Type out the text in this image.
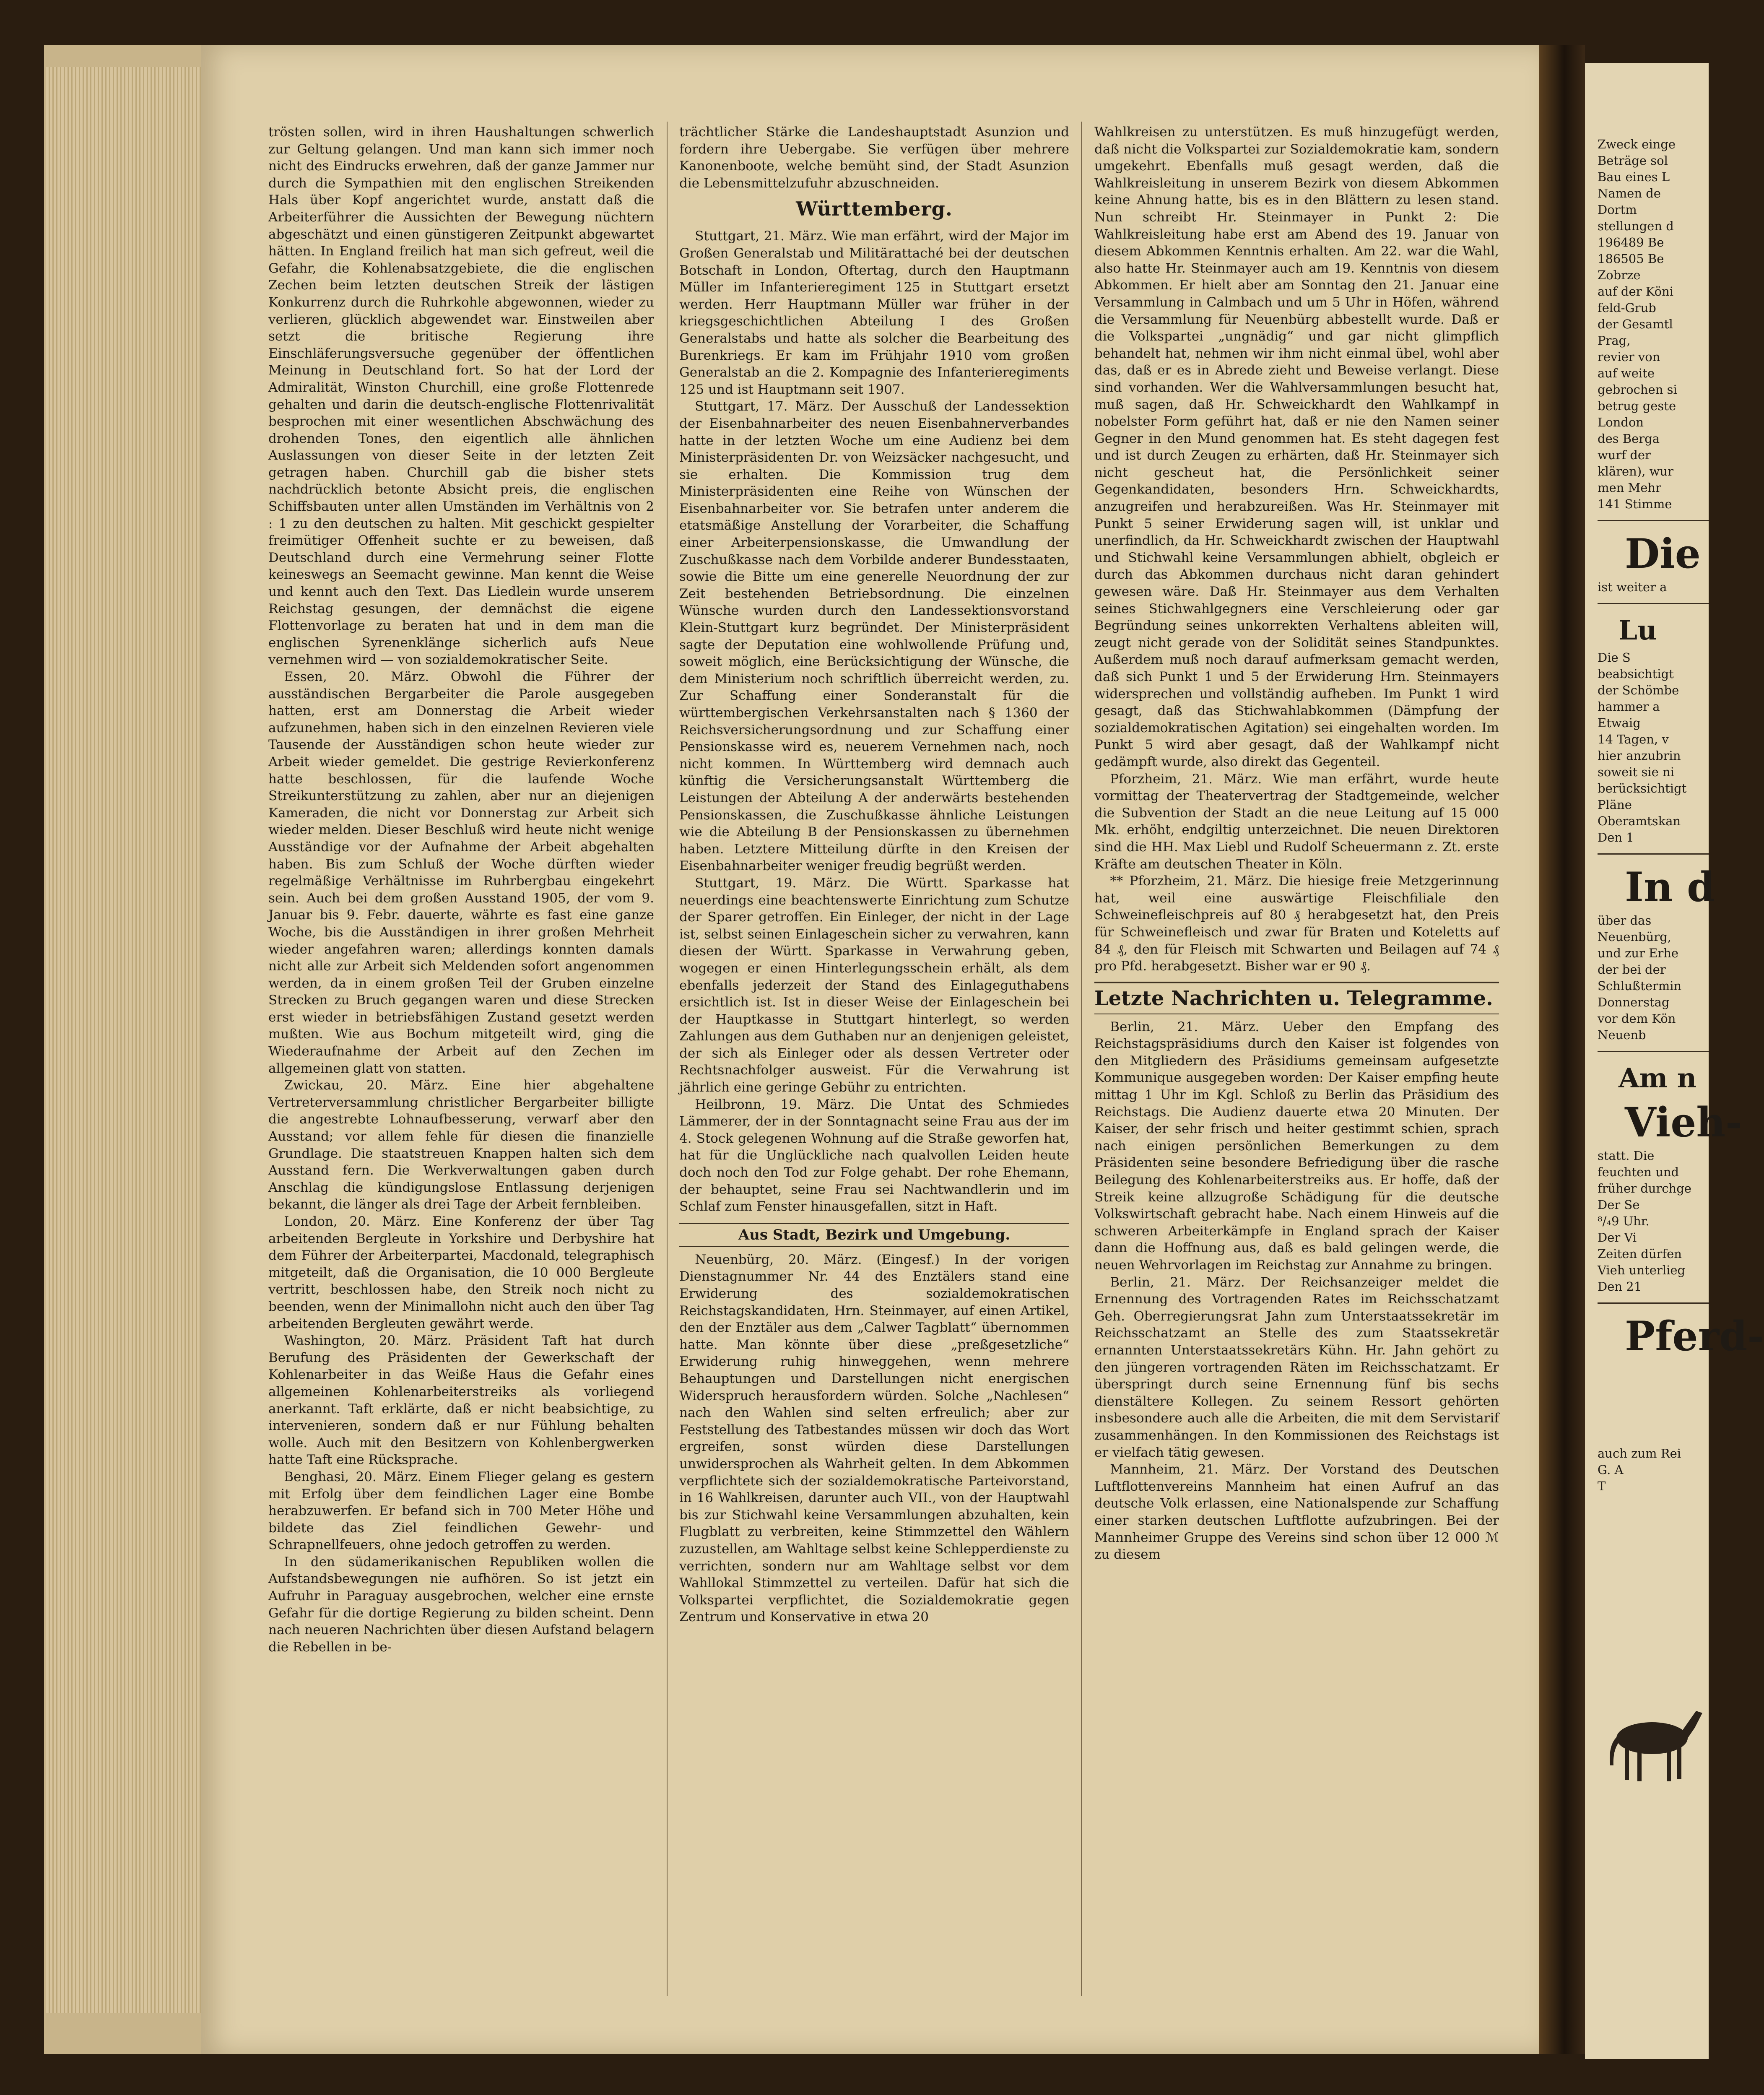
trösten sollen, wird in ihren Haushaltungen schwerlich zur Geltung gelangen. Und man kann sich immer noch nicht des Eindrucks erwehren, daß der ganze Jammer nur durch die Sympathien mit den englischen Streikenden Hals über Kopf angerichtet wurde, anstatt daß die Arbeiterführer die Aussichten der Bewegung nüchtern abgeschätzt und einen günstigeren Zeitpunkt abgewartet hätten. In England freilich hat man sich gefreut, weil die Gefahr, die Kohlenabsatzgebiete, die die englischen Zechen beim letzten deutschen Streik der lästigen Konkurrenz durch die Ruhrkohle abgewonnen, wieder zu verlieren, glücklich abgewendet war. Einstweilen aber setzt die britische Regierung ihre Einschläferungsversuche gegenüber der öffentlichen Meinung in Deutschland fort. So hat der Lord der Admiralität, Winston Churchill, eine große Flottenrede gehalten und darin die deutsch-englische Flottenrivalität besprochen mit einer wesentlichen Abschwächung des drohenden Tones, den eigentlich alle ähnlichen Auslassungen von dieser Seite in der letzten Zeit getragen haben. Churchill gab die bisher stets nachdrücklich betonte Absicht preis, die englischen Schiffsbauten unter allen Umständen im Verhältnis von 2 : 1 zu den deutschen zu halten. Mit geschickt gespielter freimütiger Offenheit suchte er zu beweisen, daß Deutschland durch eine Vermehrung seiner Flotte keineswegs an Seemacht gewinne. Man kennt die Weise und kennt auch den Text. Das Liedlein wurde unserem Reichstag gesungen, der demnächst die eigene Flottenvorlage zu beraten hat und in dem man die englischen Syrenenklänge sicherlich aufs Neue vernehmen wird — von sozialdemokratischer Seite.

Essen, 20. März. Obwohl die Führer der ausständischen Bergarbeiter die Parole ausgegeben hatten, erst am Donnerstag die Arbeit wieder aufzunehmen, haben sich in den einzelnen Revieren viele Tausende der Ausständigen schon heute wieder zur Arbeit wieder gemeldet. Die gestrige Revierkonferenz hatte beschlossen, für die laufende Woche Streikunterstützung zu zahlen, aber nur an diejenigen Kameraden, die nicht vor Donnerstag zur Arbeit sich wieder melden. Dieser Beschluß wird heute nicht wenige Ausständige vor der Aufnahme der Arbeit abgehalten haben. Bis zum Schluß der Woche dürften wieder regelmäßige Verhältnisse im Ruhrbergbau eingekehrt sein. Auch bei dem großen Ausstand 1905, der vom 9. Januar bis 9. Febr. dauerte, währte es fast eine ganze Woche, bis die Ausständigen in ihrer großen Mehrheit wieder angefahren waren; allerdings konnten damals nicht alle zur Arbeit sich Meldenden sofort angenommen werden, da in einem großen Teil der Gruben einzelne Strecken zu Bruch gegangen waren und diese Strecken erst wieder in betriebsfähigen Zustand gesetzt werden mußten. Wie aus Bochum mitgeteilt wird, ging die Wiederaufnahme der Arbeit auf den Zechen im allgemeinen glatt von statten.

Zwickau, 20. März. Eine hier abgehaltene Vertreterversammlung christlicher Bergarbeiter billigte die angestrebte Lohnaufbesserung, verwarf aber den Ausstand; vor allem fehle für diesen die finanzielle Grundlage. Die staatstreuen Knappen halten sich dem Ausstand fern. Die Werkverwaltungen gaben durch Anschlag die kündigungslose Entlassung derjenigen bekannt, die länger als drei Tage der Arbeit fernbleiben.

London, 20. März. Eine Konferenz der über Tag arbeitenden Bergleute in Yorkshire und Derbyshire hat dem Führer der Arbeiterpartei, Macdonald, telegraphisch mitgeteilt, daß die Organisation, die 10 000 Bergleute vertritt, beschlossen habe, den Streik noch nicht zu beenden, wenn der Minimallohn nicht auch den über Tag arbeitenden Bergleuten gewährt werde.

Washington, 20. März. Präsident Taft hat durch Berufung des Präsidenten der Gewerkschaft der Kohlenarbeiter in das Weiße Haus die Gefahr eines allgemeinen Kohlenarbeiterstreiks als vorliegend anerkannt. Taft erklärte, daß er nicht beabsichtige, zu intervenieren, sondern daß er nur Fühlung behalten wolle. Auch mit den Besitzern von Kohlenbergwerken hatte Taft eine Rücksprache.

Benghasi, 20. März. Einem Flieger gelang es gestern mit Erfolg über dem feindlichen Lager eine Bombe herabzuwerfen. Er befand sich in 700 Meter Höhe und bildete das Ziel feindlichen Gewehr- und Schrapnellfeuers, ohne jedoch getroffen zu werden.

In den südamerikanischen Republiken wollen die Aufstandsbewegungen nie aufhören. So ist jetzt ein Aufruhr in Paraguay ausgebrochen, welcher eine ernste Gefahr für die dortige Regierung zu bilden scheint. Denn nach neueren Nachrichten über diesen Aufstand belagern die Rebellen in be-

trächtlicher Stärke die Landeshauptstadt Asunzion und fordern ihre Uebergabe. Sie verfügen über mehrere Kanonenboote, welche bemüht sind, der Stadt Asunzion die Lebensmittelzufuhr abzuschneiden.

Württemberg.

Stuttgart, 21. März. Wie man erfährt, wird der Major im Großen Generalstab und Militärattaché bei der deutschen Botschaft in London, Oftertag, durch den Hauptmann Müller im Infanterieregiment 125 in Stuttgart ersetzt werden. Herr Hauptmann Müller war früher in der kriegsgeschichtlichen Abteilung I des Großen Generalstabs und hatte als solcher die Bearbeitung des Burenkriegs. Er kam im Frühjahr 1910 vom großen Generalstab an die 2. Kompagnie des Infanterieregiments 125 und ist Hauptmann seit 1907.

Stuttgart, 17. März. Der Ausschuß der Landessektion der Eisenbahnarbeiter des neuen Eisenbahnerverbandes hatte in der letzten Woche um eine Audienz bei dem Ministerpräsidenten Dr. von Weizsäcker nachgesucht, und sie erhalten. Die Kommission trug dem Ministerpräsidenten eine Reihe von Wünschen der Eisenbahnarbeiter vor. Sie betrafen unter anderem die etatsmäßige Anstellung der Vorarbeiter, die Schaffung einer Arbeiterpensionskasse, die Umwandlung der Zuschußkasse nach dem Vorbilde anderer Bundesstaaten, sowie die Bitte um eine generelle Neuordnung der zur Zeit bestehenden Betriebsordnung. Die einzelnen Wünsche wurden durch den Landessektionsvorstand Klein-Stuttgart kurz begründet. Der Ministerpräsident sagte der Deputation eine wohlwollende Prüfung und, soweit möglich, eine Berücksichtigung der Wünsche, die dem Ministerium noch schriftlich überreicht werden, zu. Zur Schaffung einer Sonderanstalt für die württembergischen Verkehrsanstalten nach § 1360 der Reichsversicherungsordnung und zur Schaffung einer Pensionskasse wird es, neuerem Vernehmen nach, noch nicht kommen. In Württemberg wird demnach auch künftig die Versicherungsanstalt Württemberg die Leistungen der Abteilung A der anderwärts bestehenden Pensionskassen, die Zuschußkasse ähnliche Leistungen wie die Abteilung B der Pensionskassen zu übernehmen haben. Letztere Mitteilung dürfte in den Kreisen der Eisenbahnarbeiter weniger freudig begrüßt werden.

Stuttgart, 19. März. Die Württ. Sparkasse hat neuerdings eine beachtenswerte Einrichtung zum Schutze der Sparer getroffen. Ein Einleger, der nicht in der Lage ist, selbst seinen Einlageschein sicher zu verwahren, kann diesen der Württ. Sparkasse in Verwahrung geben, wogegen er einen Hinterlegungsschein erhält, als dem ebenfalls jederzeit der Stand des Einlageguthabens ersichtlich ist. Ist in dieser Weise der Einlageschein bei der Hauptkasse in Stuttgart hinterlegt, so werden Zahlungen aus dem Guthaben nur an denjenigen geleistet, der sich als Einleger oder als dessen Vertreter oder Rechtsnachfolger ausweist. Für die Verwahrung ist jährlich eine geringe Gebühr zu entrichten.

Heilbronn, 19. März. Die Untat des Schmiedes Lämmerer, der in der Sonntagnacht seine Frau aus der im 4. Stock gelegenen Wohnung auf die Straße geworfen hat, hat für die Unglückliche nach qualvollen Leiden heute doch noch den Tod zur Folge gehabt. Der rohe Ehemann, der behauptet, seine Frau sei Nachtwandlerin und im Schlaf zum Fenster hinausgefallen, sitzt in Haft.

Aus Stadt, Bezirk und Umgebung.

Neuenbürg, 20. März. (Eingesf.) In der vorigen Dienstagnummer Nr. 44 des Enztälers stand eine Erwiderung des sozialdemokratischen Reichstagskandidaten, Hrn. Steinmayer, auf einen Artikel, den der Enztäler aus dem „Calwer Tagblatt“ übernommen hatte. Man könnte über diese „preßgesetzliche“ Erwiderung ruhig hinweggehen, wenn mehrere Behauptungen und Darstellungen nicht energischen Widerspruch herausfordern würden. Solche „Nachlesen“ nach den Wahlen sind selten erfreulich; aber zur Feststellung des Tatbestandes müssen wir doch das Wort ergreifen, sonst würden diese Darstellungen unwidersprochen als Wahrheit gelten. In dem Abkommen verpflichtete sich der sozialdemokratische Parteivorstand, in 16 Wahlkreisen, darunter auch VII., von der Hauptwahl bis zur Stichwahl keine Versammlungen abzuhalten, kein Flugblatt zu verbreiten, keine Stimmzettel den Wählern zuzustellen, am Wahltage selbst keine Schlepperdienste zu verrichten, sondern nur am Wahltage selbst vor dem Wahllokal Stimmzettel zu verteilen. Dafür hat sich die Volkspartei verpflichtet, die Sozialdemokratie gegen Zentrum und Konservative in etwa 20

Wahlkreisen zu unterstützen. Es muß hinzugefügt werden, daß nicht die Volkspartei zur Sozialdemokratie kam, sondern umgekehrt. Ebenfalls muß gesagt werden, daß die Wahlkreisleitung in unserem Bezirk von diesem Abkommen keine Ahnung hatte, bis es in den Blättern zu lesen stand. Nun schreibt Hr. Steinmayer in Punkt 2: Die Wahlkreisleitung habe erst am Abend des 19. Januar von diesem Abkommen Kenntnis erhalten. Am 22. war die Wahl, also hatte Hr. Steinmayer auch am 19. Kenntnis von diesem Abkommen. Er hielt aber am Sonntag den 21. Januar eine Versammlung in Calmbach und um 5 Uhr in Höfen, während die Versammlung für Neuenbürg abbestellt wurde. Daß er die Volkspartei „ungnädig“ und gar nicht glimpflich behandelt hat, nehmen wir ihm nicht einmal übel, wohl aber das, daß er es in Abrede zieht und Beweise verlangt. Diese sind vorhanden. Wer die Wahlversammlungen besucht hat, muß sagen, daß Hr. Schweickhardt den Wahlkampf in nobelster Form geführt hat, daß er nie den Namen seiner Gegner in den Mund genommen hat. Es steht dagegen fest und ist durch Zeugen zu erhärten, daß Hr. Steinmayer sich nicht gescheut hat, die Persönlichkeit seiner Gegenkandidaten, besonders Hrn. Schweickhardts, anzugreifen und herabzureißen. Was Hr. Steinmayer mit Punkt 5 seiner Erwiderung sagen will, ist unklar und unerfindlich, da Hr. Schweickhardt zwischen der Hauptwahl und Stichwahl keine Versammlungen abhielt, obgleich er durch das Abkommen durchaus nicht daran gehindert gewesen wäre. Daß Hr. Steinmayer aus dem Verhalten seines Stichwahlgegners eine Verschleierung oder gar Begründung seines unkorrekten Verhaltens ableiten will, zeugt nicht gerade von der Solidität seines Standpunktes. Außerdem muß noch darauf aufmerksam gemacht werden, daß sich Punkt 1 und 5 der Erwiderung Hrn. Steinmayers widersprechen und vollständig aufheben. Im Punkt 1 wird gesagt, daß das Stichwahlabkommen (Dämpfung der sozialdemokratischen Agitation) sei eingehalten worden. Im Punkt 5 wird aber gesagt, daß der Wahlkampf nicht gedämpft wurde, also direkt das Gegenteil.

Pforzheim, 21. März. Wie man erfährt, wurde heute vormittag der Theatervertrag der Stadtgemeinde, welcher die Subvention der Stadt an die neue Leitung auf 15 000 Mk. erhöht, endgiltig unterzeichnet. Die neuen Direktoren sind die HH. Max Liebl und Rudolf Scheuermann z. Zt. erste Kräfte am deutschen Theater in Köln.

** Pforzheim, 21. März. Die hiesige freie Metzgerinnung hat, weil eine auswärtige Fleischfiliale den Schweinefleischpreis auf 80 ₰ herabgesetzt hat, den Preis für Schweinefleisch und zwar für Braten und Koteletts auf 84 ₰, den für Fleisch mit Schwarten und Beilagen auf 74 ₰ pro Pfd. herabgesetzt. Bisher war er 90 ₰.

Letzte Nachrichten u. Telegramme.

Berlin, 21. März. Ueber den Empfang des Reichstagspräsidiums durch den Kaiser ist folgendes von den Mitgliedern des Präsidiums gemeinsam aufgesetzte Kommunique ausgegeben worden: Der Kaiser empfing heute mittag 1 Uhr im Kgl. Schloß zu Berlin das Präsidium des Reichstags. Die Audienz dauerte etwa 20 Minuten. Der Kaiser, der sehr frisch und heiter gestimmt schien, sprach nach einigen persönlichen Bemerkungen zu dem Präsidenten seine besondere Befriedigung über die rasche Beilegung des Kohlenarbeiterstreiks aus. Er hoffe, daß der Streik keine allzugroße Schädigung für die deutsche Volkswirtschaft gebracht habe. Nach einem Hinweis auf die schweren Arbeiterkämpfe in England sprach der Kaiser dann die Hoffnung aus, daß es bald gelingen werde, die neuen Wehrvorlagen im Reichstag zur Annahme zu bringen.

Berlin, 21. März. Der Reichsanzeiger meldet die Ernennung des Vortragenden Rates im Reichsschatzamt Geh. Oberregierungsrat Jahn zum Unterstaatssekretär im Reichsschatzamt an Stelle des zum Staatssekretär ernannten Unterstaatssekretärs Kühn. Hr. Jahn gehört zu den jüngeren vortragenden Räten im Reichsschatzamt. Er überspringt durch seine Ernennung fünf bis sechs dienstältere Kollegen. Zu seinem Ressort gehörten insbesondere auch alle die Arbeiten, die mit dem Servistarif zusammenhängen. In den Kommissionen des Reichstags ist er vielfach tätig gewesen.

Mannheim, 21. März. Der Vorstand des Deutschen Luftflottenvereins Mannheim hat einen Aufruf an das deutsche Volk erlassen, eine Nationalspende zur Schaffung einer starken deutschen Luftflotte aufzubringen. Bei der Mannheimer Gruppe des Vereins sind schon über 12 000 ℳ zu diesem

Zweck einge
Beträge sol
Bau eines L
Namen de
Dortm
stellungen d
196489 Be
186505 Be
Zobrze
auf der Köni
feld-Grub
der Gesamtl
Prag,
revier von
auf weite
gebrochen si
betrug geste
London
des Berga
wurf der
klären), wur
men Mehr
141 Stimme
Die
ist weiter a
Lu
Die S
beabsichtigt
der Schömbe
hammer a
Etwaig
14 Tagen, v
hier anzubrin
soweit sie ni
berücksichtigt
Pläne
Oberamtskan
Den 1
In d
über das
Neuenbürg,
und zur Erhe
der bei der
Schlußtermin
Donnerstag
vor dem Kön
Neuenb
Am n
Vieh-
statt. Die
feuchten und
früher durchge
Der Se
⁸/₄9 Uhr.
Der Vi
Zeiten dürfen
Vieh unterlieg
Den 21
Pferd-
auch zum Rei
G. A
T
